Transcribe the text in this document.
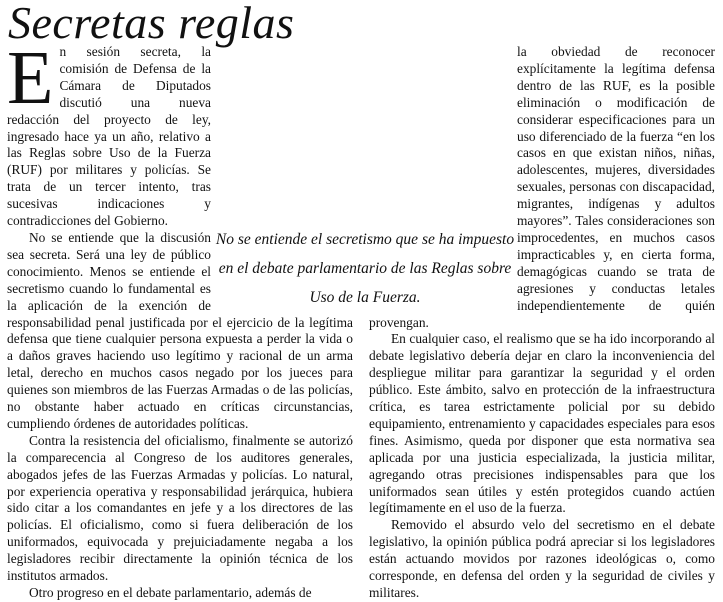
Secretas reglas

En sesión secreta, la comisión de Defensa de la Cámara de Diputados discutió una nueva redacción del proyecto de ley, ingresado hace ya un año, relativo a las Reglas sobre Uso de la Fuerza (RUF) por militares y policías. Se trata de un tercer intento, tras sucesivas indicaciones y contradicciones del Gobierno.

No se entiende que la discusión sea secreta. Será una ley de público conocimiento. Menos se entiende el secretismo cuando lo fundamental es la aplicación de la exención de responsabilidad penal justificada por el ejercicio de la legítima defensa que tiene cualquier persona expuesta a perder la vida o a daños graves haciendo uso legítimo y racional de un arma letal, derecho en muchos casos negado por los jueces para quienes son miembros de las Fuerzas Armadas o de las policías, no obstante haber actuado en críticas circunstancias, cumpliendo órdenes de autoridades políticas.

Contra la resistencia del oficialismo, finalmente se autorizó la comparecencia al Congreso de los auditores generales, abogados jefes de las Fuerzas Armadas y policías. Lo natural, por experiencia operativa y responsabilidad jerárquica, hubiera sido citar a los comandantes en jefe y a los directores de las policías. El oficialismo, como si fuera deliberación de los uniformados, equivocada y prejuiciadamente negaba a los legisladores recibir directamente la opinión técnica de los institutos armados.

Otro progreso en el debate parlamentario, además de

la obviedad de reconocer explícitamente la legítima defensa dentro de las RUF, es la posible eliminación o modificación de considerar especificaciones para un uso diferenciado de la fuerza “en los casos en que existan niños, niñas, adolescentes, mujeres, diversidades sexuales, personas con discapacidad, migrantes, indígenas y adultos mayores”. Tales consideraciones son improcedentes, en muchos casos impracticables y, en cierta forma, demagógicas cuando se trata de agresiones y conductas letales independientemente de quién provengan.

En cualquier caso, el realismo que se ha ido incorporando al debate legislativo debería dejar en claro la inconveniencia del despliegue militar para garantizar la seguridad y el orden público. Este ámbito, salvo en protección de la infraestructura crítica, es tarea estrictamente policial por su debido equipamiento, entrenamiento y capacidades especiales para esos fines. Asimismo, queda por disponer que esta normativa sea aplicada por una justicia especializada, la justicia militar, agregando otras precisiones indispensables para que los uniformados sean útiles y estén protegidos cuando actúen legítimamente en el uso de la fuerza.

Removido el absurdo velo del secretismo en el debate legislativo, la opinión pública podrá apreciar si los legisladores están actuando movidos por razones ideológicas o, como corresponde, en defensa del orden y la seguridad de civiles y militares.

No se entiende el secretismo que se ha impuesto en el debate parlamentario de las Reglas sobre Uso de la Fuerza.
